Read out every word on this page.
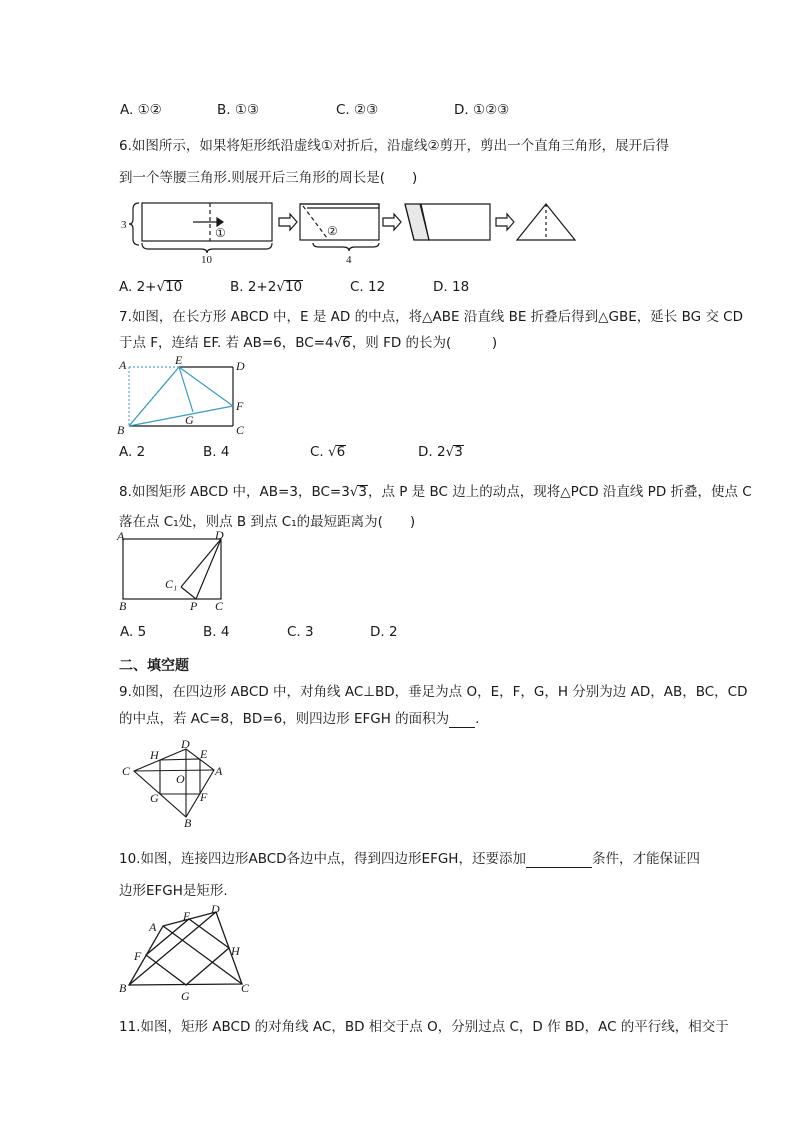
A. ①②	B. ①③	C. ②③	D. ①②③
6.如图所示，如果将矩形纸沿虚线①对折后，沿虚线②剪开，剪出一个直角三角形，展开后得
到一个等腰三角形.则展开后三角形的周长是(　　)
3
①
10
②
4
A. 2+√10	B. 2+2√10	C. 12	D. 18
7.如图，在长方形 ABCD 中，E 是 AD 的中点，将△ABE 沿直线 BE 折叠后得到△GBE，延长 BG 交 CD
于点 F，连结 EF. 若 AB=6，BC=4√6，则 FD 的长为(　　　)
A	E	D
F
G
B	C
A. 2	B. 4	C. √6	D. 2√3
8.如图矩形 ABCD 中，AB=3，BC=3√3，点 P 是 BC 边上的动点，现将△PCD 沿直线 PD 折叠，使点 C
落在点 C₁处，则点 B 到点 C₁的最短距离为(　　)
A	D
C₁
B	P C
A. 5	B. 4	C. 3	D. 2
二、填空题
9.如图，在四边形 ABCD 中，对角线 AC⊥BD，垂足为点 O，E，F，G，H 分别为边 AD，AB，BC，CD
的中点，若 AC=8，BD=6，则四边形 EFGH 的面积为 .
C
H
D
E
A
O
G	F
B
10.如图，连接四边形ABCD各边中点，得到四边形EFGH，还要添加	条件，才能保证四
边形EFGH是矩形.
A
E D
H
F
B
G
C
11.如图，矩形 ABCD 的对角线 AC，BD 相交于点 O，分别过点 C，D 作 BD，AC 的平行线，相交于
